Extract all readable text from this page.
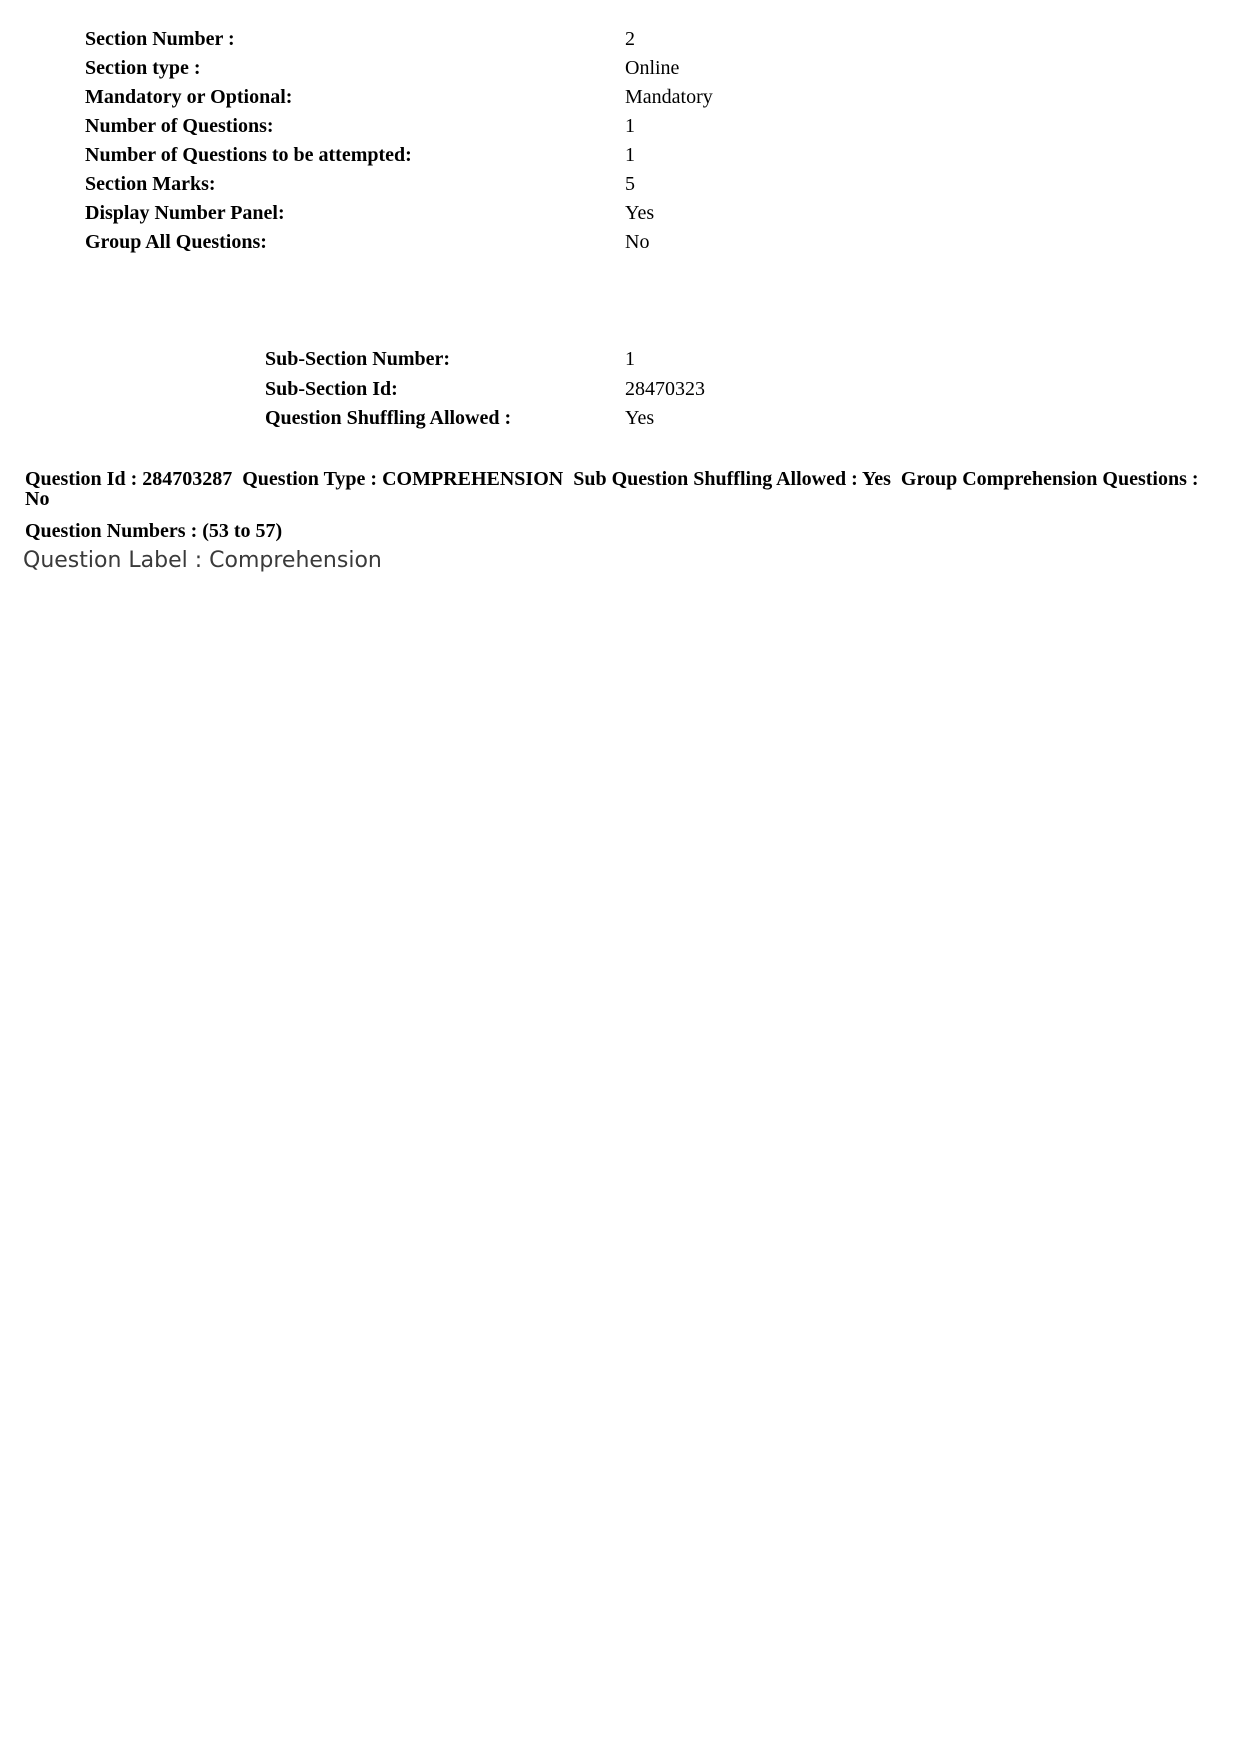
Section Number :	2
Section type :	Online
Mandatory or Optional:	Mandatory
Number of Questions:	1
Number of Questions to be attempted:	1
Section Marks:	5
Display Number Panel:	Yes
Group All Questions:	No
Sub-Section Number:	1
Sub-Section Id:	28470323
Question Shuffling Allowed :	Yes
Question Id : 284703287 Question Type : COMPREHENSION Sub Question Shuffling Allowed : Yes Group Comprehension Questions : No
Question Numbers : (53 to 57)
Question Label : Comprehension
